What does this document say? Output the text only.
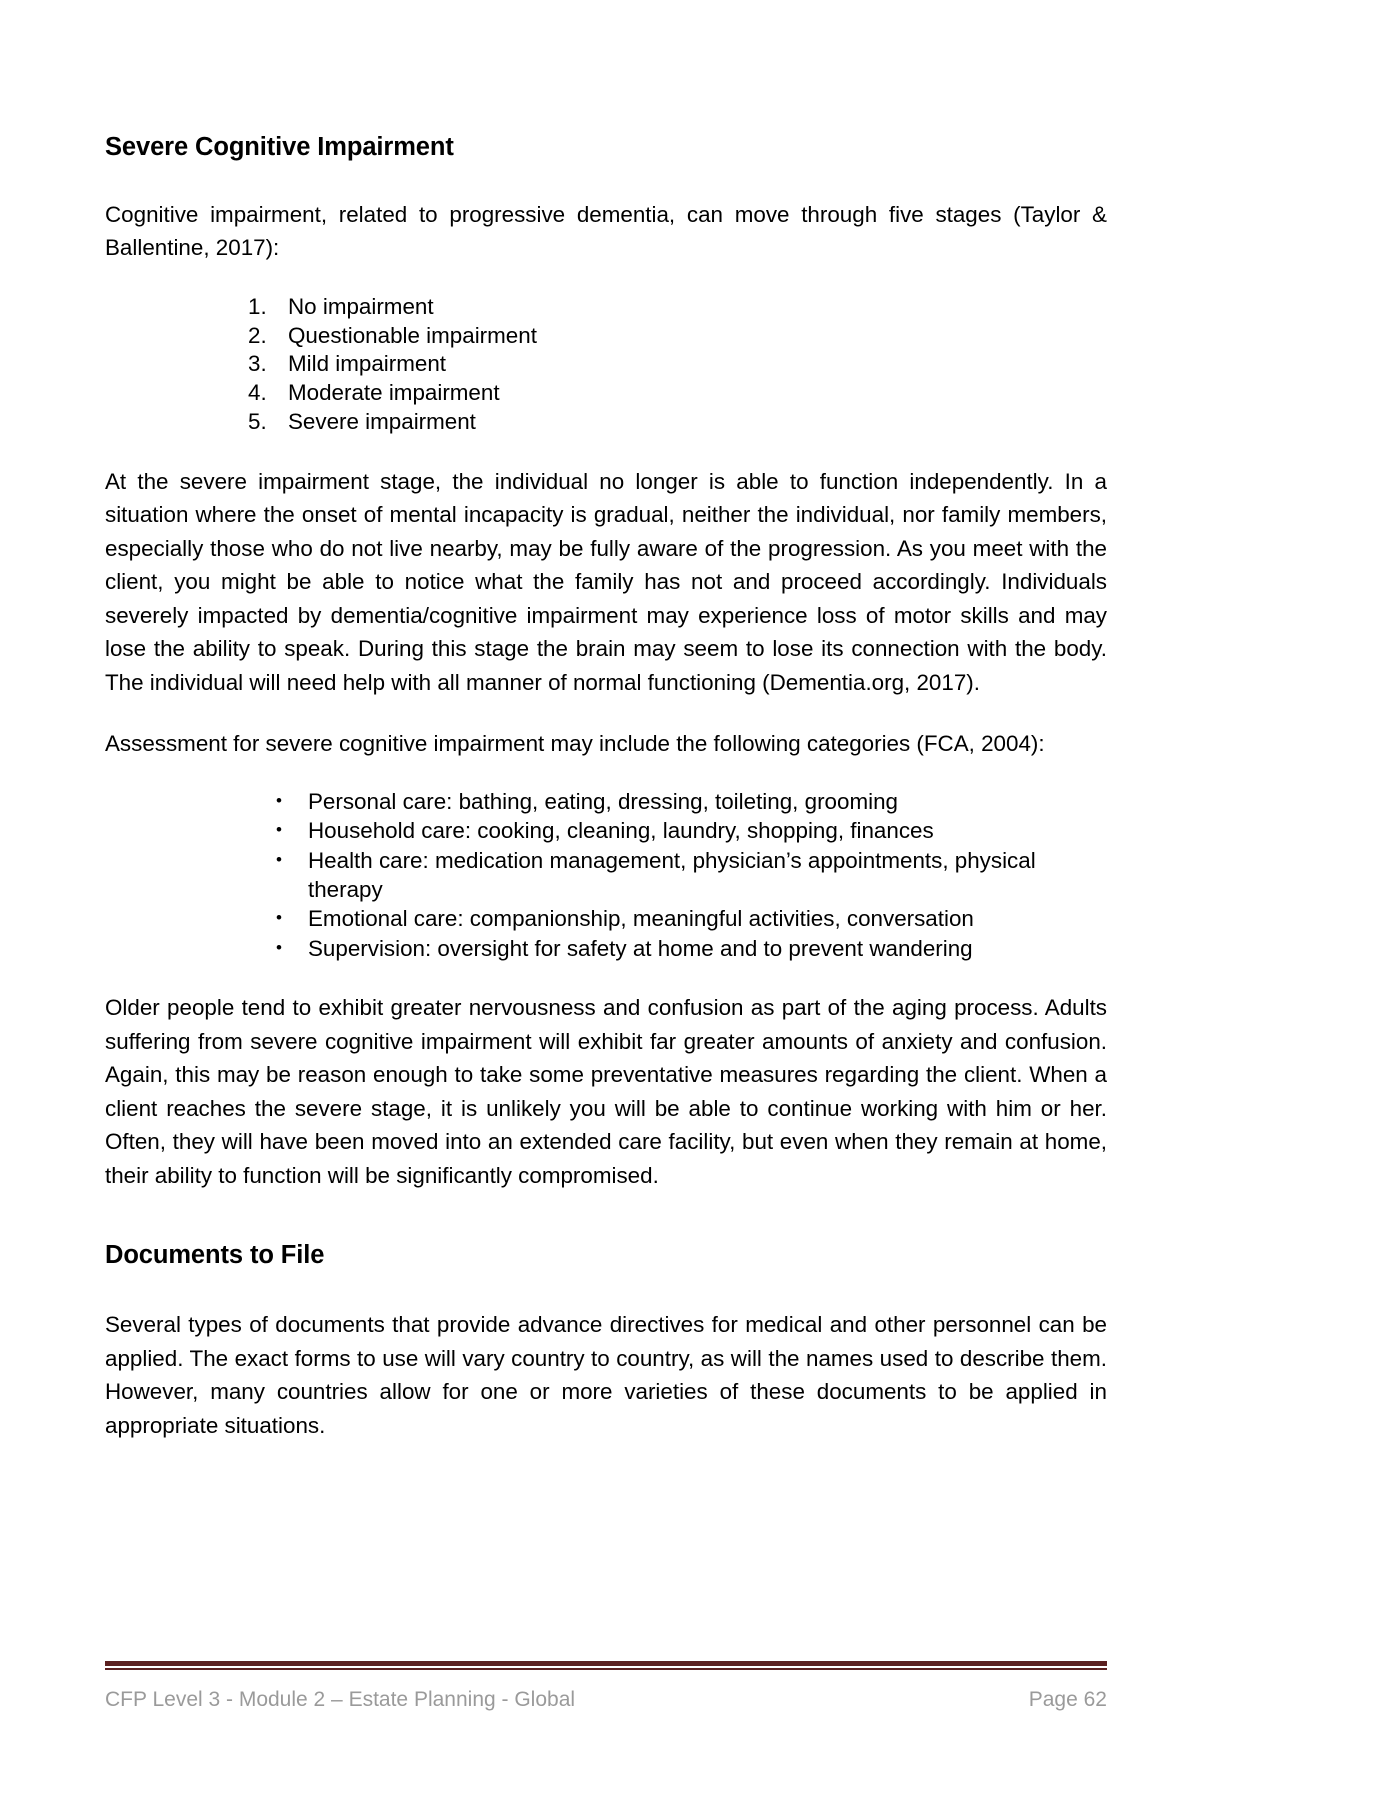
Severe Cognitive Impairment

Cognitive impairment, related to progressive dementia, can move through five stages (Taylor & Ballentine, 2017):

No impairment
Questionable impairment
Mild impairment
Moderate impairment
Severe impairment

At the severe impairment stage, the individual no longer is able to function independently. In a situation where the onset of mental incapacity is gradual, neither the individual, nor family members, especially those who do not live nearby, may be fully aware of the progression. As you meet with the client, you might be able to notice what the family has not and proceed accordingly. Individuals severely impacted by dementia/cognitive impairment may experience loss of motor skills and may lose the ability to speak. During this stage the brain may seem to lose its connection with the body. The individual will need help with all manner of normal functioning (Dementia.org, 2017).

Assessment for severe cognitive impairment may include the following categories (FCA, 2004):

• Personal care: bathing, eating, dressing, toileting, grooming
• Household care: cooking, cleaning, laundry, shopping, finances
• Health care: medication management, physician’s appointments, physical therapy
• Emotional care: companionship, meaningful activities, conversation
• Supervision: oversight for safety at home and to prevent wandering

Older people tend to exhibit greater nervousness and confusion as part of the aging process. Adults suffering from severe cognitive impairment will exhibit far greater amounts of anxiety and confusion. Again, this may be reason enough to take some preventative measures regarding the client. When a client reaches the severe stage, it is unlikely you will be able to continue working with him or her. Often, they will have been moved into an extended care facility, but even when they remain at home, their ability to function will be significantly compromised.

Documents to File

Several types of documents that provide advance directives for medical and other personnel can be applied. The exact forms to use will vary country to country, as will the names used to describe them. However, many countries allow for one or more varieties of these documents to be applied in appropriate situations.

CFP Level 3 - Module 2 – Estate Planning - Global	Page 62
